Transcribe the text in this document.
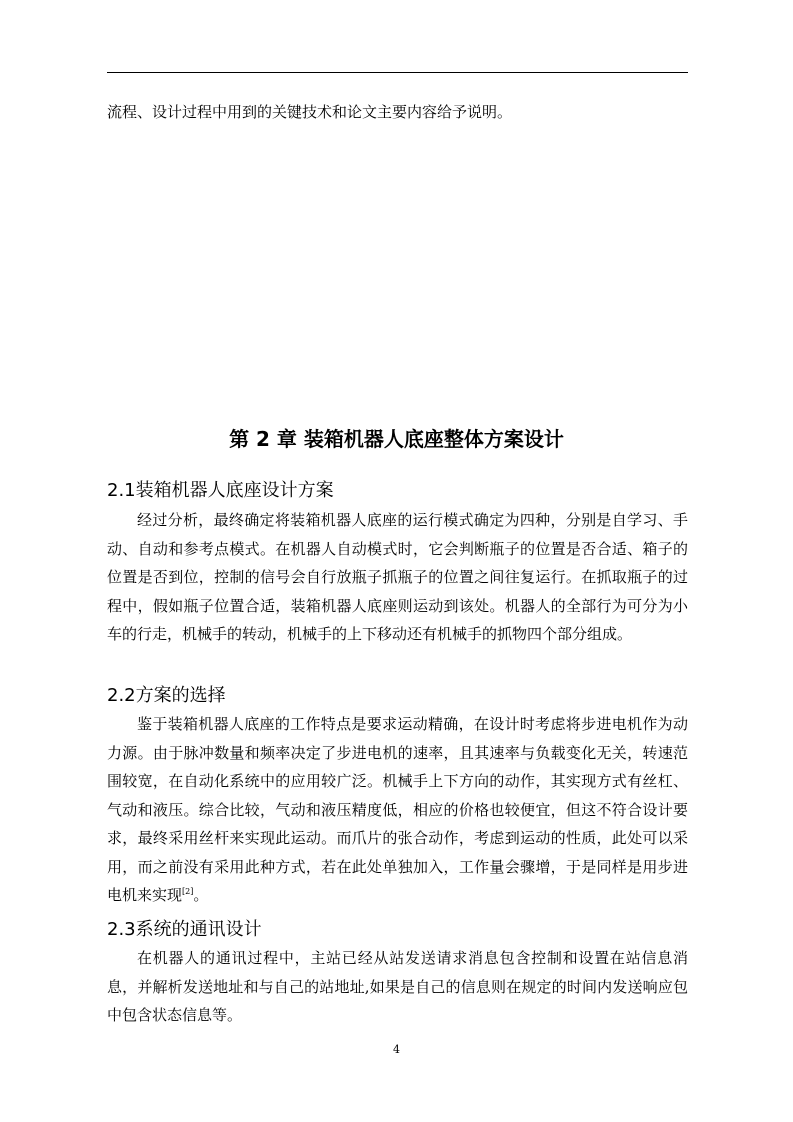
流程、设计过程中用到的关键技术和论文主要内容给予说明。

第 2 章 装箱机器人底座整体方案设计
2.1装箱机器人底座设计方案

经过分析，最终确定将装箱机器人底座的运行模式确定为四种，分别是自学习、手动、自动和参考点模式。在机器人自动模式时，它会判断瓶子的位置是否合适、箱子的位置是否到位，控制的信号会自行放瓶子抓瓶子的位置之间往复运行。在抓取瓶子的过程中，假如瓶子位置合适，装箱机器人底座则运动到该处。机器人的全部行为可分为小车的行走，机械手的转动，机械手的上下移动还有机械手的抓物四个部分组成。

2.2方案的选择

鉴于装箱机器人底座的工作特点是要求运动精确，在设计时考虑将步进电机作为动力源。由于脉冲数量和频率决定了步进电机的速率，且其速率与负载变化无关，转速范围较宽，在自动化系统中的应用较广泛。机械手上下方向的动作，其实现方式有丝杠、气动和液压。综合比较，气动和液压精度低，相应的价格也较便宜，但这不符合设计要求，最终采用丝杆来实现此运动。而爪片的张合动作，考虑到运动的性质，此处可以采用，而之前没有采用此种方式，若在此处单独加入，工作量会骤增，于是同样是用步进电机来实现[2]。

2.3系统的通讯设计

在机器人的通讯过程中，主站已经从站发送请求消息包含控制和设置在站信息消息，并解析发送地址和与自己的站地址,如果是自己的信息则在规定的时间内发送响应包中包含状态信息等。

4
